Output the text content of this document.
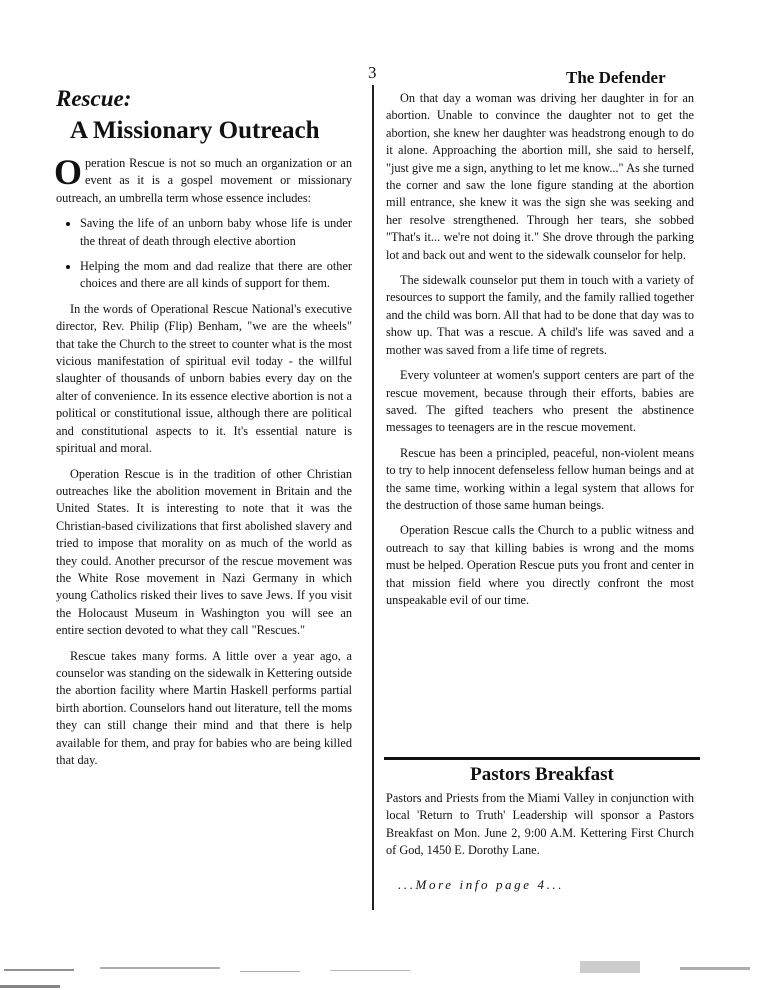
3	The Defender
Rescue:
A Missionary Outreach

Operation Rescue is not so much an organization or an event as it is a gospel movement or missionary outreach, an umbrella term whose essence includes:

• Saving the life of an unborn baby whose life is under the threat of death through elective abortion
• Helping the mom and dad realize that there are other choices and there are all kinds of support for them.

In the words of Operational Rescue National's executive director, Rev. Philip (Flip) Benham, "we are the wheels" that take the Church to the street to counter what is the most vicious manifestation of spiritual evil today - the willful slaughter of thousands of unborn babies every day on the alter of convenience. In its essence elective abortion is not a political or constitutional issue, although there are political and constitutional aspects to it. It's essential nature is spiritual and moral.

Operation Rescue is in the tradition of other Christian outreaches like the abolition movement in Britain and the United States. It is interesting to note that it was the Christian-based civilizations that first abolished slavery and tried to impose that morality on as much of the world as they could. Another precursor of the rescue movement was the White Rose movement in Nazi Germany in which young Catholics risked their lives to save Jews. If you visit the Holocaust Museum in Washington you will see an entire section devoted to what they call "Rescues."

Rescue takes many forms. A little over a year ago, a counselor was standing on the sidewalk in Kettering outside the abortion facility where Martin Haskell performs partial birth abortion. Counselors hand out literature, tell the moms they can still change their mind and that there is help available for them, and pray for babies who are being killed that day.

On that day a woman was driving her daughter in for an abortion. Unable to convince the daughter not to get the abortion, she knew her daughter was headstrong enough to do it alone. Approaching the abortion mill, she said to herself, "just give me a sign, anything to let me know..." As she turned the corner and saw the lone figure standing at the abortion mill entrance, she knew it was the sign she was seeking and her resolve strengthened. Through her tears, she sobbed "That's it... we're not doing it." She drove through the parking lot and back out and went to the sidewalk counselor for help.

The sidewalk counselor put them in touch with a variety of resources to support the family, and the family rallied together and the child was born. All that had to be done that day was to show up. That was a rescue. A child's life was saved and a mother was saved from a life time of regrets.

Every volunteer at women's support centers are part of the rescue movement, because through their efforts, babies are saved. The gifted teachers who present the abstinence messages to teenagers are in the rescue movement.

Rescue has been a principled, peaceful, non-violent means to try to help innocent defenseless fellow human beings and at the same time, working within a legal system that allows for the destruction of those same human beings.

Operation Rescue calls the Church to a public witness and outreach to say that killing babies is wrong and the moms must be helped. Operation Rescue puts you front and center in that mission field where you directly confront the most unspeakable evil of our time.

Pastors Breakfast
Pastors and Priests from the Miami Valley in conjunction with local 'Return to Truth' Leadership will sponsor a Pastors Breakfast on Mon. June 2, 9:00 A.M. Kettering First Church of God, 1450 E. Dorothy Lane.
...More info page 4...
